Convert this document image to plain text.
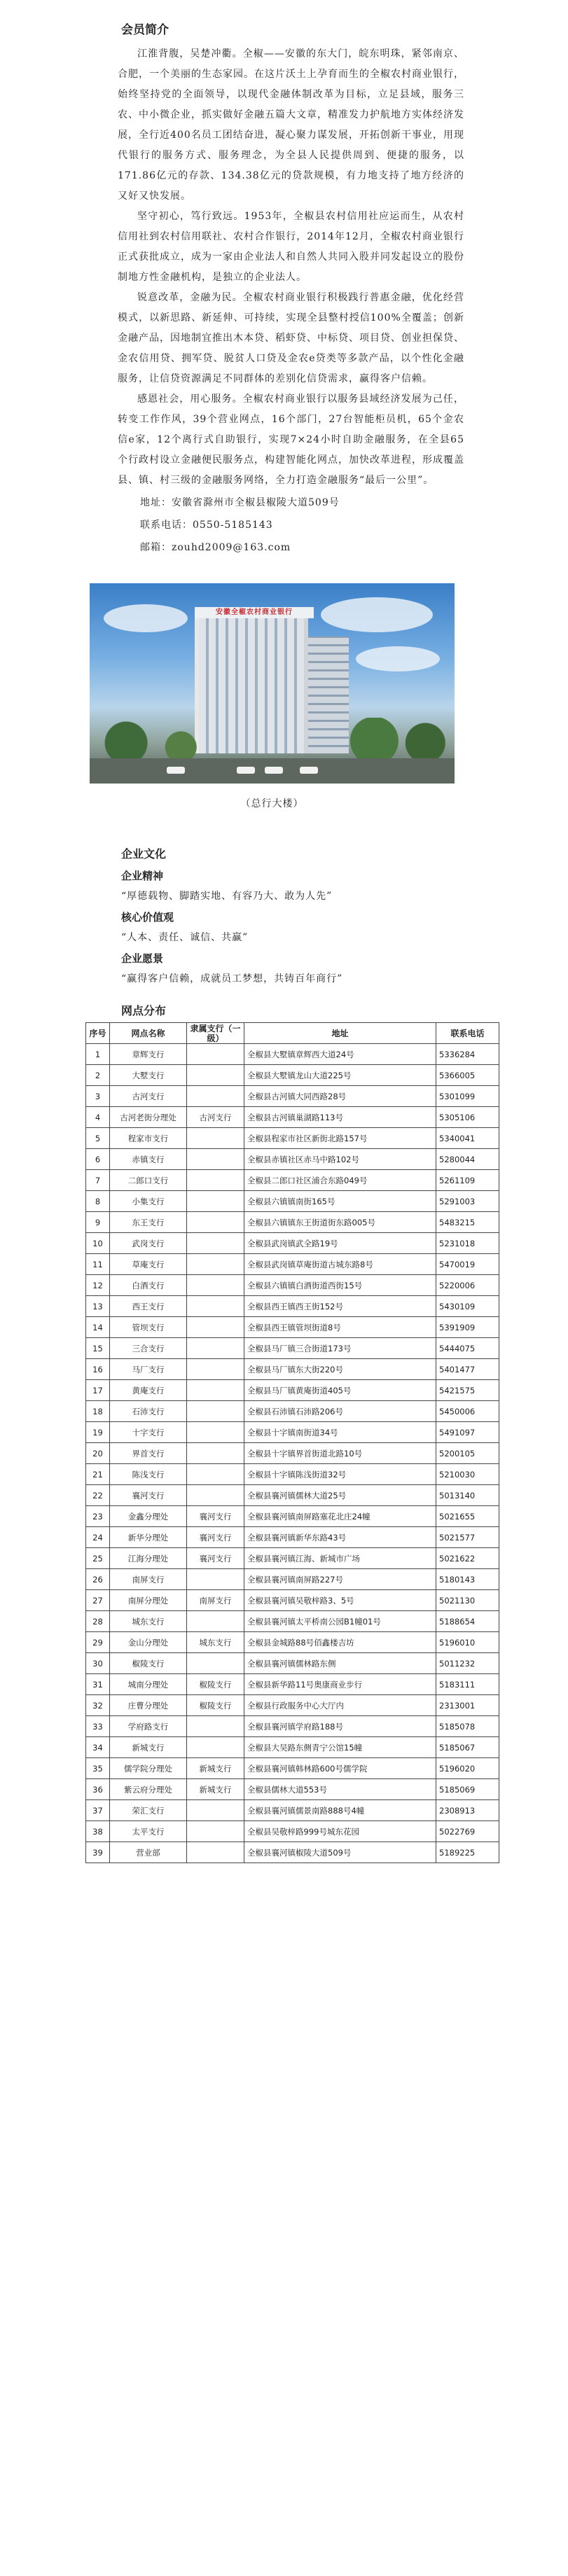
会员简介

江淮背腹，吴楚冲衢。全椒——安徽的东大门，皖东明珠，紧邻南京、合肥，一个美丽的生态家园。在这片沃土上孕育而生的全椒农村商业银行，始终坚持党的全面领导，以现代金融体制改革为目标，立足县域，服务三农、中小微企业，抓实做好金融五篇大文章，精准发力护航地方实体经济发展，全行近400名员工团结奋进，凝心聚力谋发展，开拓创新干事业，用现代银行的服务方式、服务理念，为全县人民提供周到、便捷的服务，以171.86亿元的存款、134.38亿元的贷款规模，有力地支持了地方经济的又好又快发展。

坚守初心，笃行致远。1953年，全椒县农村信用社应运而生，从农村信用社到农村信用联社、农村合作银行，2014年12月，全椒农村商业银行正式获批成立，成为一家由企业法人和自然人共同入股并同发起设立的股份制地方性金融机构，是独立的企业法人。

锐意改革，金融为民。全椒农村商业银行积极践行普惠金融，优化经营模式，以新思路、新延伸、可持续，实现全县整村授信100%全覆盖；创新金融产品，因地制宜推出木本贷、稻虾贷、中标贷、项目贷、创业担保贷、金农信用贷、拥军贷、脱贫人口贷及金农e贷类等多款产品，以个性化金融服务，让信贷资源满足不同群体的差别化信贷需求，赢得客户信赖。

感恩社会，用心服务。全椒农村商业银行以服务县域经济发展为己任，转变工作作风，39个营业网点，16个部门，27台智能柜员机，65个金农信e家，12个离行式自助银行，实现7×24小时自助金融服务，在全县65个行政村设立金融便民服务点，构建智能化网点，加快改革进程，形成覆盖县、镇、村三级的金融服务网络，全力打造金融服务“最后一公里”。

地址：安徽省滁州市全椒县椒陵大道509号
联系电话：0550-5185143
邮箱：zouhd2009@163.com
安徽全椒农村商业银行
（总行大楼）
企业文化
企业精神

“厚德载物、脚踏实地、有容乃大、敢为人先”

核心价值观

“人本、责任、诚信、共赢”

企业愿景

“赢得客户信赖，成就员工梦想，共铸百年商行”

网点分布
序号	网点名称	隶属支行（一级）	地址	联系电话
1	章辉支行		全椒县大墅镇章辉西大道24号	5336284
2	大墅支行		全椒县大墅镇龙山大道225号	5366005
3	古河支行		全椒县古河镇大同西路28号	5301099
4	古河老街分理处	古河支行	全椒县古河镇巢湖路113号	5305106
5	程家市支行		全椒县程家市社区新街北路157号	5340041
6	赤镇支行		全椒县赤镇社区赤马中路102号	5280044
7	二郎口支行		全椒县二郎口社区浦合东路049号	5261109
8	小集支行		全椒县六镇镇南街165号	5291003
9	东王支行		全椒县六镇镇东王街道街东路005号	5483215
10	武岗支行		全椒县武岗镇武全路19号	5231018
11	草庵支行		全椒县武岗镇草庵街道古城东路8号	5470019
12	白酒支行		全椒县六镇镇白酒街道西街15号	5220006
13	西王支行		全椒县西王镇西王街152号	5430109
14	管坝支行		全椒县西王镇管坝街道8号	5391909
15	三合支行		全椒县马厂镇三合街道173号	5444075
16	马厂支行		全椒县马厂镇东大街220号	5401477
17	黄庵支行		全椒县马厂镇黄庵街道405号	5421575
18	石沛支行		全椒县石沛镇石沛路206号	5450006
19	十字支行		全椒县十字镇南街道34号	5491097
20	界首支行		全椒县十字镇界首街道北路10号	5200105
21	陈浅支行		全椒县十字镇陈浅街道32号	5210030
22	襄河支行		全椒县襄河镇儒林大道25号	5013140
23	金鑫分理处	襄河支行	全椒县襄河镇南屏路塞花北庄24幢	5021655
24	新华分理处	襄河支行	全椒县襄河镇新华东路43号	5021577
25	江海分理处	襄河支行	全椒县襄河镇江海、新城市广场	5021622
26	南屏支行		全椒县襄河镇南屏路227号	5180143
27	南屏分理处	南屏支行	全椒县襄河镇吴敬梓路3、5号	5021130
28	城东支行		全椒县襄河镇太平桥南公园B1幢01号	5188654
29	金山分理处	城东支行	全椒县金城路88号佰鑫楼吉坊	5196010
30	椒陵支行		全椒县襄河镇儒林路东侧	5011232
31	城南分理处	椒陵支行	全椒县新华路11号奥康商业步行	5183111
32	庄曹分理处	椒陵支行	全椒县行政服务中心大厅内	2313001
33	学府路支行		全椒县襄河镇学府路188号	5185078
34	新城支行		全椒县大吴路东侧青宁公馆15幢	5185067
35	儒学院分理处	新城支行	全椒县襄河镇韩林路600号儒学院	5196020
36	紫云府分理处	新城支行	全椒县儒林大道553号	5185069
37	荣汇支行		全椒县襄河镇儒景南路888号4幢	2308913
38	太平支行		全椒县吴敬梓路999号城东花园	5022769
39	营业部		全椒县襄河镇椒陵大道509号	5189225
